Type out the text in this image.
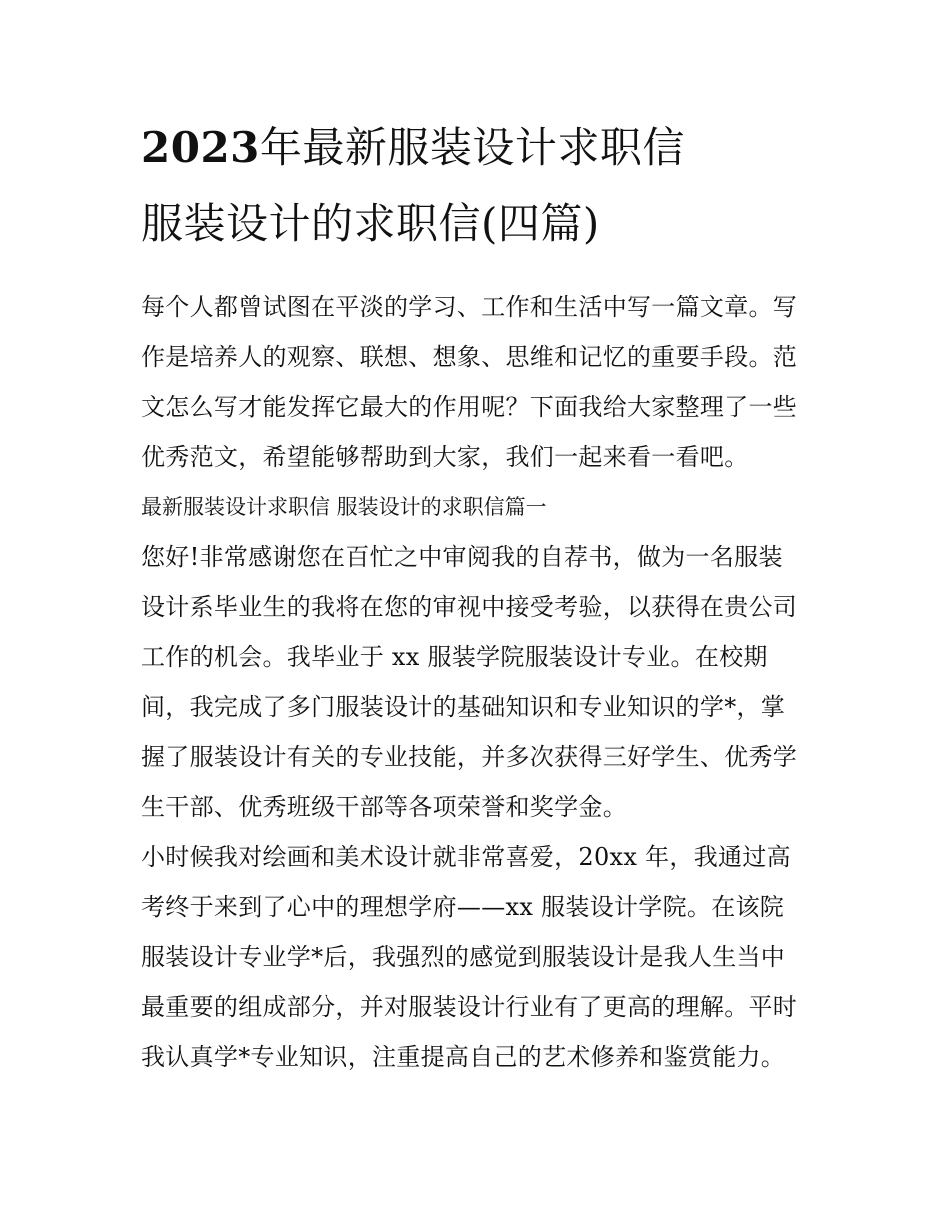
2023年最新服装设计求职信
服装设计的求职信(四篇)
每个人都曾试图在平淡的学习、工作和生活中写一篇文章。写
作是培养人的观察、联想、想象、思维和记忆的重要手段。范
文怎么写才能发挥它最大的作用呢？下面我给大家整理了一些
优秀范文，希望能够帮助到大家，我们一起来看一看吧。
最新服装设计求职信 服装设计的求职信篇一
您好!非常感谢您在百忙之中审阅我的自荐书，做为一名服装
设计系毕业生的我将在您的审视中接受考验，以获得在贵公司
工作的机会。我毕业于 xx 服装学院服装设计专业。在校期
间，我完成了多门服装设计的基础知识和专业知识的学*，掌
握了服装设计有关的专业技能，并多次获得三好学生、优秀学
生干部、优秀班级干部等各项荣誉和奖学金。
小时候我对绘画和美术设计就非常喜爱，20xx 年，我通过高
考终于来到了心中的理想学府——xx 服装设计学院。在该院
服装设计专业学*后，我强烈的感觉到服装设计是我人生当中
最重要的组成部分，并对服装设计行业有了更高的理解。平时
我认真学*专业知识，注重提高自己的艺术修养和鉴赏能力。
